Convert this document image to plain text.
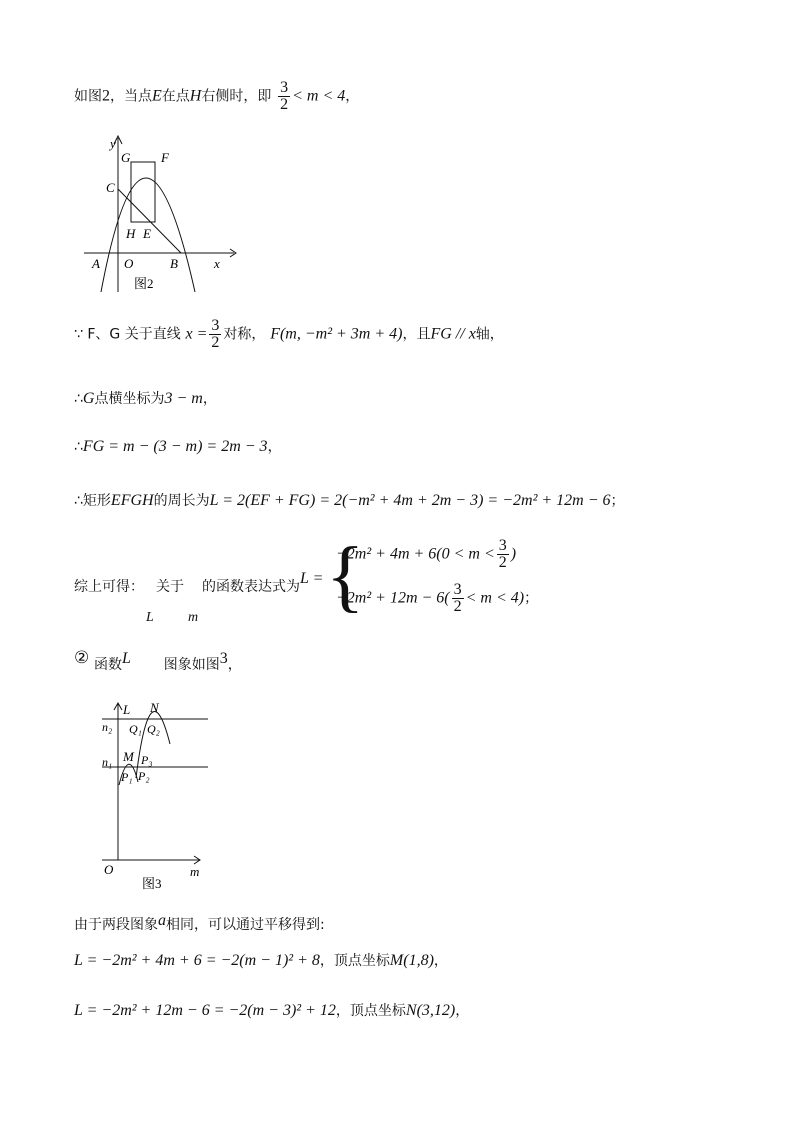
如图2，当点E在点H右侧时，即 $\frac{3}{2} < m < 4$，
y
G F
C
H E
A O	B	x
图2
∵ F、G 关于直线 $x = \frac{3}{2}$ 对称， F(m, −m² + 3m + 4)，且FG // x轴，
∴G点横坐标为3 − m，
∴FG = m − (3 − m) = 2m − 3，
∴矩形EFGH的周长为L = 2(EF + FG) = 2(−m² + 4m + 2m − 3) = −2m² + 12m − 6；
综上可得： 关于 的函数表达式为 L = {
$-2m^2 + 4m + 6(0 < m < \frac{3}{2}$ )
$-2m^2 + 12m - 6( \frac{3}{2} < m < 4)$；
L m
② 函数L 图象如图3，
L N
n₂ Q₁ Q₂
M P₃
n₁
P₁ P₂
O	m
图3
由于两段图象a相同，可以通过平移得到:
L = −2m² + 4m + 6 = −2(m − 1)² + 8，顶点坐标M(1,8)，
L = −2m² + 12m − 6 = −2(m − 3)² + 12，顶点坐标N(3,12)，
